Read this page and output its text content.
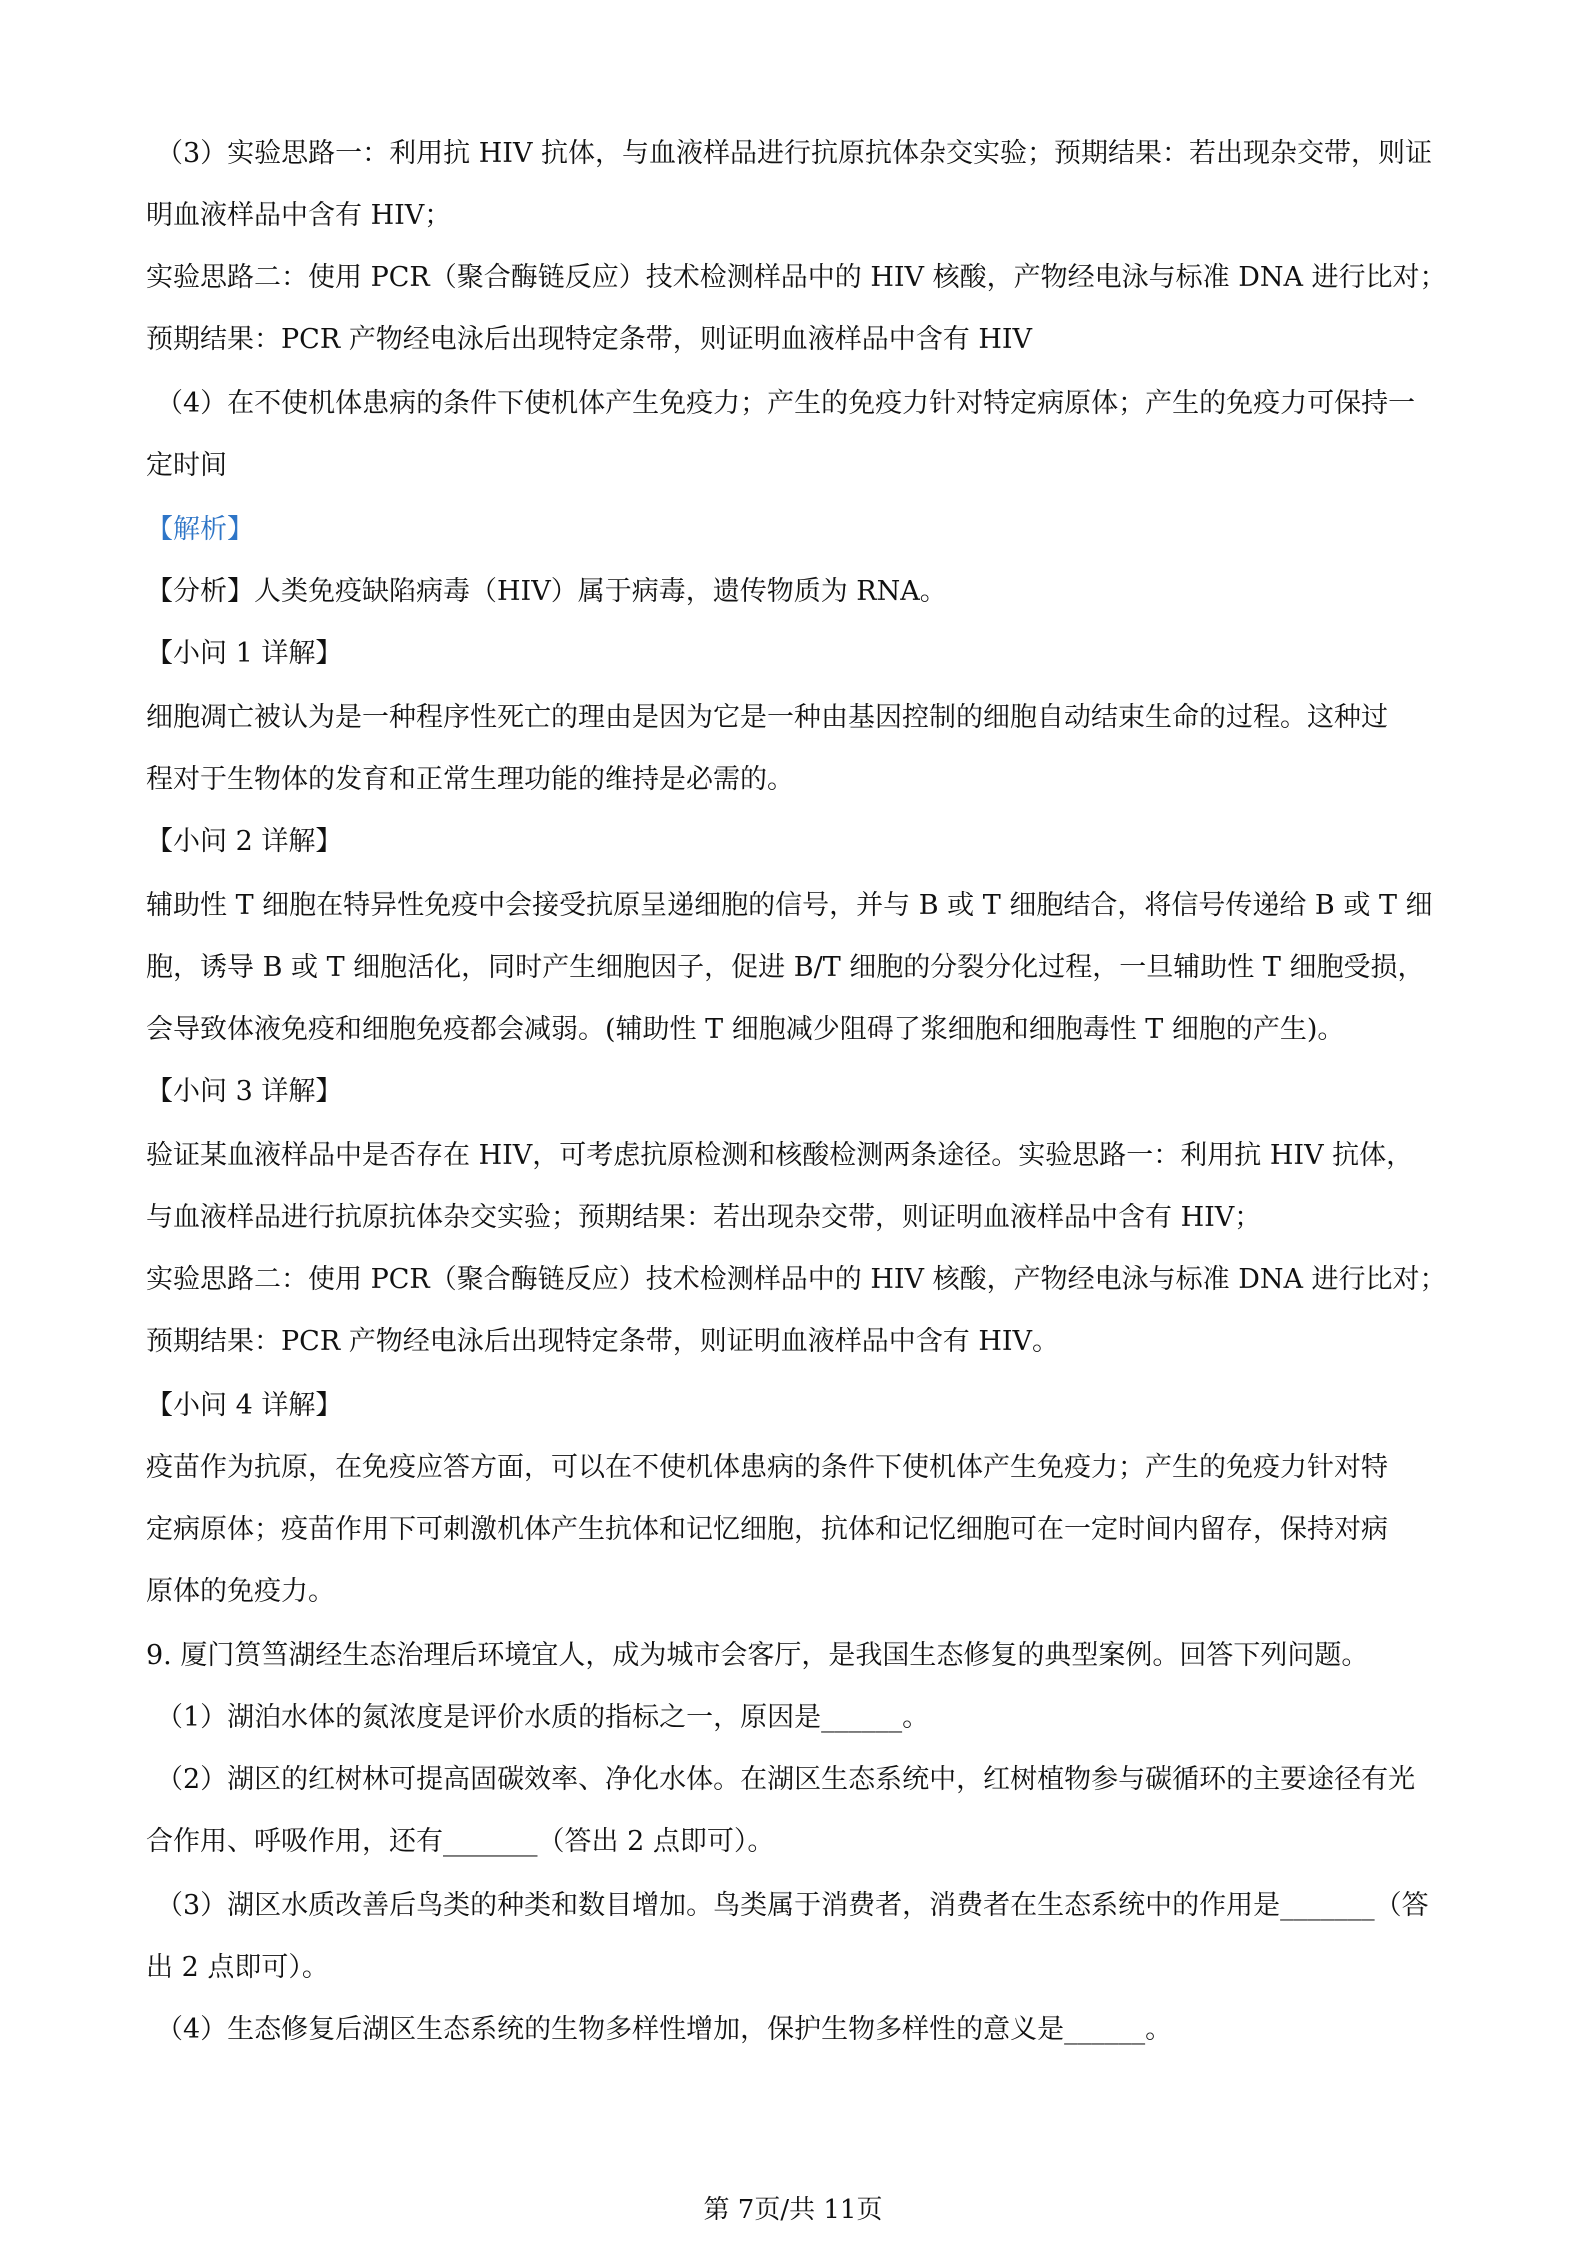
（3）实验思路一：利用抗 HIV 抗体，与血液样品进行抗原抗体杂交实验；预期结果：若出现杂交带，则证
明血液样品中含有 HIV；
实验思路二：使用 PCR（聚合酶链反应）技术检测样品中的 HIV 核酸，产物经电泳与标准 DNA 进行比对；
预期结果：PCR 产物经电泳后出现特定条带，则证明血液样品中含有 HIV
（4）在不使机体患病的条件下使机体产生免疫力；产生的免疫力针对特定病原体；产生的免疫力可保持一
定时间
【解析】
【分析】人类免疫缺陷病毒（HIV）属于病毒，遗传物质为 RNA。
【小问 1 详解】
细胞凋亡被认为是一种程序性死亡的理由是因为它是一种由基因控制的细胞自动结束生命的过程。这种过
程对于生物体的发育和正常生理功能的维持是必需的。
【小问 2 详解】
辅助性 T 细胞在特异性免疫中会接受抗原呈递细胞的信号，并与 B 或 T 细胞结合，将信号传递给 B 或 T 细
胞，诱导 B 或 T 细胞活化，同时产生细胞因子，促进 B/T 细胞的分裂分化过程，一旦辅助性 T 细胞受损，
会导致体液免疫和细胞免疫都会减弱。(辅助性 T 细胞减少阻碍了浆细胞和细胞毒性 T 细胞的产生)。
【小问 3 详解】
验证某血液样品中是否存在 HIV，可考虑抗原检测和核酸检测两条途径。实验思路一：利用抗 HIV 抗体，
与血液样品进行抗原抗体杂交实验；预期结果：若出现杂交带，则证明血液样品中含有 HIV；
实验思路二：使用 PCR（聚合酶链反应）技术检测样品中的 HIV 核酸，产物经电泳与标准 DNA 进行比对；
预期结果：PCR 产物经电泳后出现特定条带，则证明血液样品中含有 HIV。
【小问 4 详解】
疫苗作为抗原，在免疫应答方面，可以在不使机体患病的条件下使机体产生免疫力；产生的免疫力针对特
定病原体；疫苗作用下可刺激机体产生抗体和记忆细胞，抗体和记忆细胞可在一定时间内留存，保持对病
原体的免疫力。
9. 厦门筼筜湖经生态治理后环境宜人，成为城市会客厅，是我国生态修复的典型案例。回答下列问题。
（1）湖泊水体的氮浓度是评价水质的指标之一，原因是______。
（2）湖区的红树林可提高固碳效率、净化水体。在湖区生态系统中，红树植物参与碳循环的主要途径有光
合作用、呼吸作用，还有_______（答出 2 点即可）。
（3）湖区水质改善后鸟类的种类和数目增加。鸟类属于消费者，消费者在生态系统中的作用是_______（答
出 2 点即可）。
（4）生态修复后湖区生态系统的生物多样性增加，保护生物多样性的意义是______。
第 7页/共 11页
